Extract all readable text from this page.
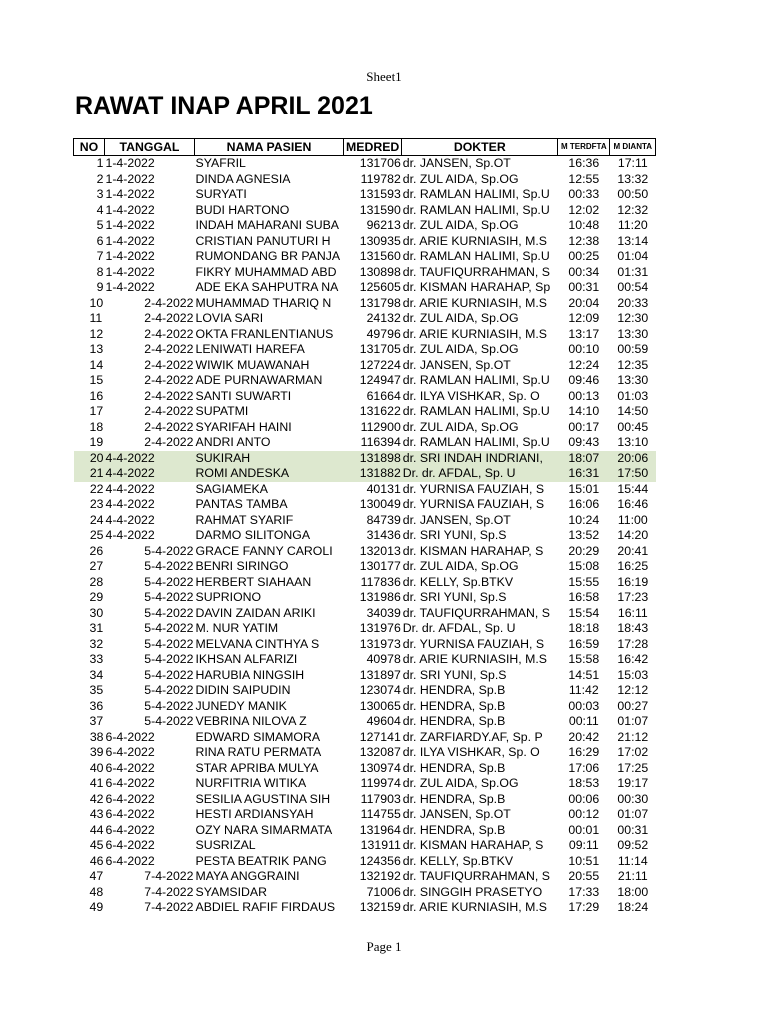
Sheet1
RAWAT INAP APRIL 2021
NO	TANGGAL	NAMA PASIEN	MEDRED	DOKTER	M TERDFTA	M DIANTA
1	1-4-2022	SYAFRIL	131706	dr. JANSEN, Sp.OT	16:36	17:11
2	1-4-2022	DINDA AGNESIA	119782	dr. ZUL AIDA, Sp.OG	12:55	13:32
3	1-4-2022	SURYATI	131593	dr. RAMLAN HALIMI, Sp.U	00:33	00:50
4	1-4-2022	BUDI HARTONO	131590	dr. RAMLAN HALIMI, Sp.U	12:02	12:32
5	1-4-2022	INDAH MAHARANI SUBA	96213	dr. ZUL AIDA, Sp.OG	10:48	11:20
6	1-4-2022	CRISTIAN PANUTURI H	130935	dr. ARIE KURNIASIH, M.S	12:38	13:14
7	1-4-2022	RUMONDANG BR PANJA	131560	dr. RAMLAN HALIMI, Sp.U	00:25	01:04
8	1-4-2022	FIKRY MUHAMMAD ABD	130898	dr. TAUFIQURRAHMAN, S	00:34	01:31
9	1-4-2022	ADE EKA SAHPUTRA NA	125605	dr. KISMAN HARAHAP, Sp	00:31	00:54
10	2-4-2022	MUHAMMAD THARIQ N	131798	dr. ARIE KURNIASIH, M.S	20:04	20:33
11	2-4-2022	LOVIA SARI	24132	dr. ZUL AIDA, Sp.OG	12:09	12:30
12	2-4-2022	OKTA FRANLENTIANUS	49796	dr. ARIE KURNIASIH, M.S	13:17	13:30
13	2-4-2022	LENIWATI HAREFA	131705	dr. ZUL AIDA, Sp.OG	00:10	00:59
14	2-4-2022	WIWIK MUAWANAH	127224	dr. JANSEN, Sp.OT	12:24	12:35
15	2-4-2022	ADE PURNAWARMAN	124947	dr. RAMLAN HALIMI, Sp.U	09:46	13:30
16	2-4-2022	SANTI SUWARTI	61664	dr. ILYA VISHKAR, Sp. O	00:13	01:03
17	2-4-2022	SUPATMI	131622	dr. RAMLAN HALIMI, Sp.U	14:10	14:50
18	2-4-2022	SYARIFAH HAINI	112900	dr. ZUL AIDA, Sp.OG	00:17	00:45
19	2-4-2022	ANDRI ANTO	116394	dr. RAMLAN HALIMI, Sp.U	09:43	13:10
20	4-4-2022	SUKIRAH	131898	dr. SRI INDAH INDRIANI,	18:07	20:06
21	4-4-2022	ROMI ANDESKA	131882	Dr. dr. AFDAL, Sp. U	16:31	17:50
22	4-4-2022	SAGIAMEKA	40131	dr. YURNISA FAUZIAH, S	15:01	15:44
23	4-4-2022	PANTAS TAMBA	130049	dr. YURNISA FAUZIAH, S	16:06	16:46
24	4-4-2022	RAHMAT SYARIF	84739	dr. JANSEN, Sp.OT	10:24	11:00
25	4-4-2022	DARMO SILITONGA	31436	dr. SRI YUNI, Sp.S	13:52	14:20
26	5-4-2022	GRACE FANNY CAROLI	132013	dr. KISMAN HARAHAP, S	20:29	20:41
27	5-4-2022	BENRI SIRINGO	130177	dr. ZUL AIDA, Sp.OG	15:08	16:25
28	5-4-2022	HERBERT SIAHAAN	117836	dr. KELLY, Sp.BTKV	15:55	16:19
29	5-4-2022	SUPRIONO	131986	dr. SRI YUNI, Sp.S	16:58	17:23
30	5-4-2022	DAVIN ZAIDAN ARIKI	34039	dr. TAUFIQURRAHMAN, S	15:54	16:11
31	5-4-2022	M. NUR YATIM	131976	Dr. dr. AFDAL, Sp. U	18:18	18:43
32	5-4-2022	MELVANA CINTHYA S	131973	dr. YURNISA FAUZIAH, S	16:59	17:28
33	5-4-2022	IKHSAN ALFARIZI	40978	dr. ARIE KURNIASIH, M.S	15:58	16:42
34	5-4-2022	HARUBIA NINGSIH	131897	dr. SRI YUNI, Sp.S	14:51	15:03
35	5-4-2022	DIDIN SAIPUDIN	123074	dr. HENDRA, Sp.B	11:42	12:12
36	5-4-2022	JUNEDY MANIK	130065	dr. HENDRA, Sp.B	00:03	00:27
37	5-4-2022	VEBRINA NILOVA Z	49604	dr. HENDRA, Sp.B	00:11	01:07
38	6-4-2022	EDWARD SIMAMORA	127141	dr. ZARFIARDY.AF, Sp. P	20:42	21:12
39	6-4-2022	RINA RATU PERMATA	132087	dr. ILYA VISHKAR, Sp. O	16:29	17:02
40	6-4-2022	STAR APRIBA MULYA	130974	dr. HENDRA, Sp.B	17:06	17:25
41	6-4-2022	NURFITRIA WITIKA	119974	dr. ZUL AIDA, Sp.OG	18:53	19:17
42	6-4-2022	SESILIA AGUSTINA SIH	117903	dr. HENDRA, Sp.B	00:06	00:30
43	6-4-2022	HESTI ARDIANSYAH	114755	dr. JANSEN, Sp.OT	00:12	01:07
44	6-4-2022	OZY NARA SIMARMATA	131964	dr. HENDRA, Sp.B	00:01	00:31
45	6-4-2022	SUSRIZAL	131911	dr. KISMAN HARAHAP, S	09:11	09:52
46	6-4-2022	PESTA BEATRIK PANG	124356	dr. KELLY, Sp.BTKV	10:51	11:14
47	7-4-2022	MAYA ANGGRAINI	132192	dr. TAUFIQURRAHMAN, S	20:55	21:11
48	7-4-2022	SYAMSIDAR	71006	dr. SINGGIH PRASETYO	17:33	18:00
49	7-4-2022	ABDIEL RAFIF FIRDAUS	132159	dr. ARIE KURNIASIH, M.S	17:29	18:24
Page 1
